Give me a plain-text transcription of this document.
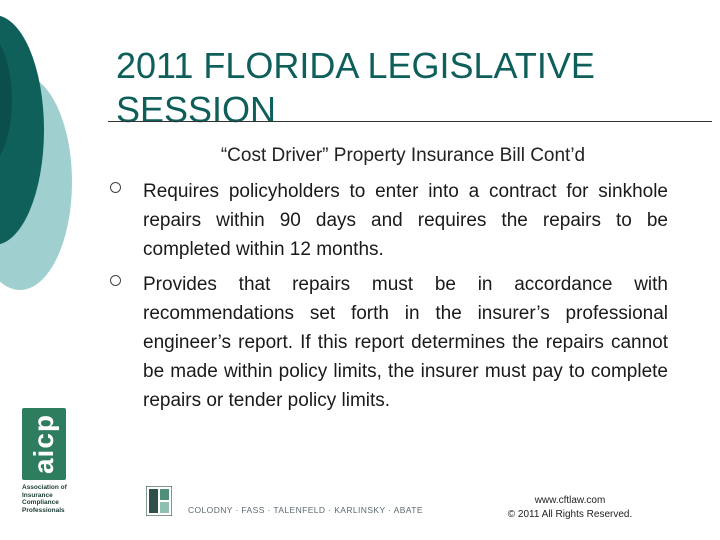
2011 FLORIDA LEGISLATIVE SESSION
“Cost Driver” Property Insurance Bill Cont’d
Requires policyholders to enter into a contract for sinkhole repairs within 90 days and requires the repairs to be completed within 12 months.
Provides that repairs must be in accordance with recommendations set forth in the insurer’s professional engineer’s report. If this report determines the repairs cannot be made within policy limits, the insurer must pay to complete repairs or tender policy limits.
aicp
Association of Insurance Compliance Professionals	COLODNY · FASS · TALENFELD · KARLINSKY · ABATE
www.cftlaw.com
© 2011 All Rights Reserved.
